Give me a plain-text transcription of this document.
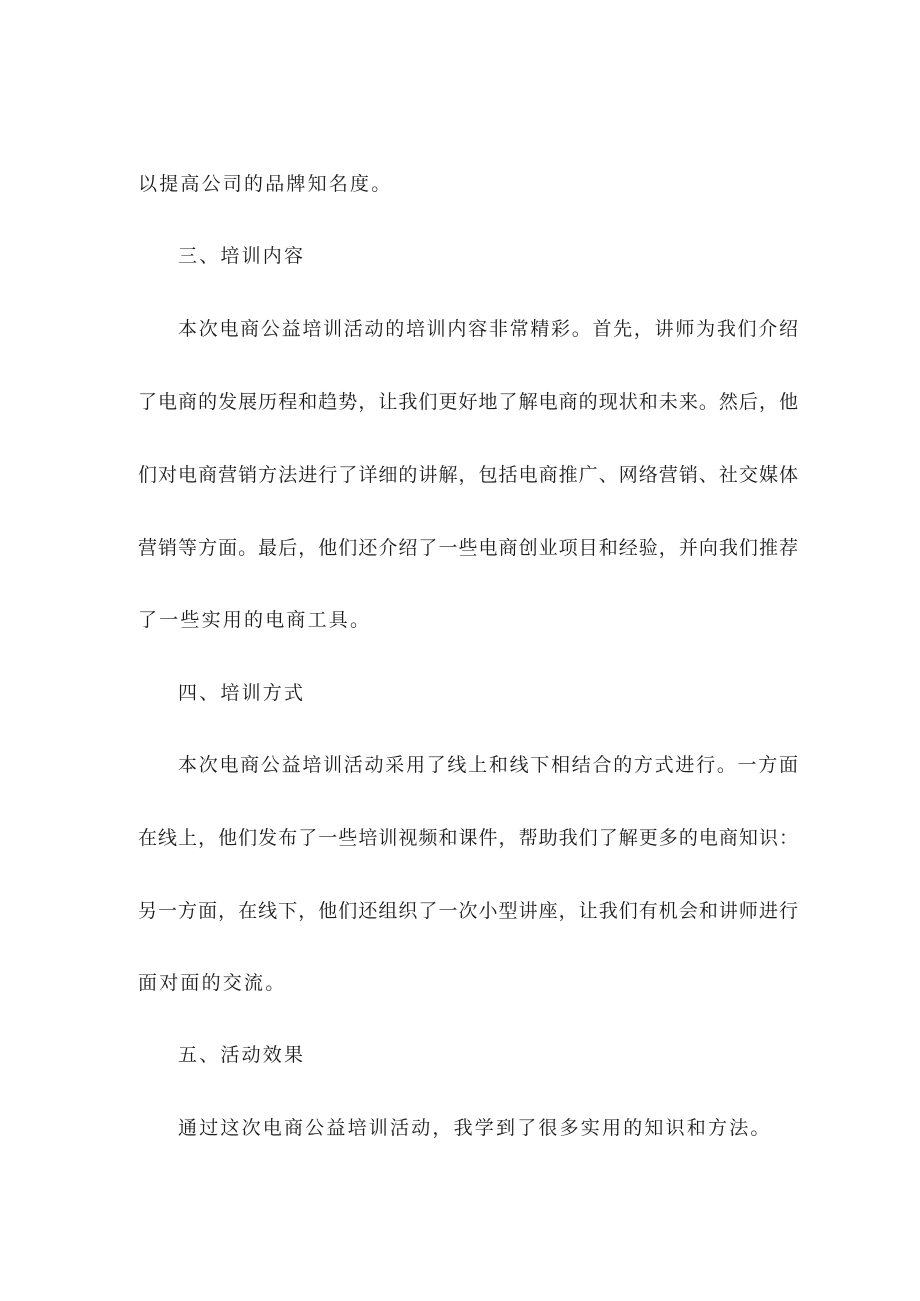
以提高公司的品牌知名度。
三、培训内容
本次电商公益培训活动的培训内容非常精彩。首先，讲师为我们介绍
了电商的发展历程和趋势，让我们更好地了解电商的现状和未来。然后，他
们对电商营销方法进行了详细的讲解，包括电商推广、网络营销、社交媒体
营销等方面。最后，他们还介绍了一些电商创业项目和经验，并向我们推荐
了一些实用的电商工具。
四、培训方式
本次电商公益培训活动采用了线上和线下相结合的方式进行。一方面
在线上，他们发布了一些培训视频和课件，帮助我们了解更多的电商知识：
另一方面，在线下，他们还组织了一次小型讲座，让我们有机会和讲师进行
面对面的交流。
五、活动效果
通过这次电商公益培训活动，我学到了很多实用的知识和方法。
